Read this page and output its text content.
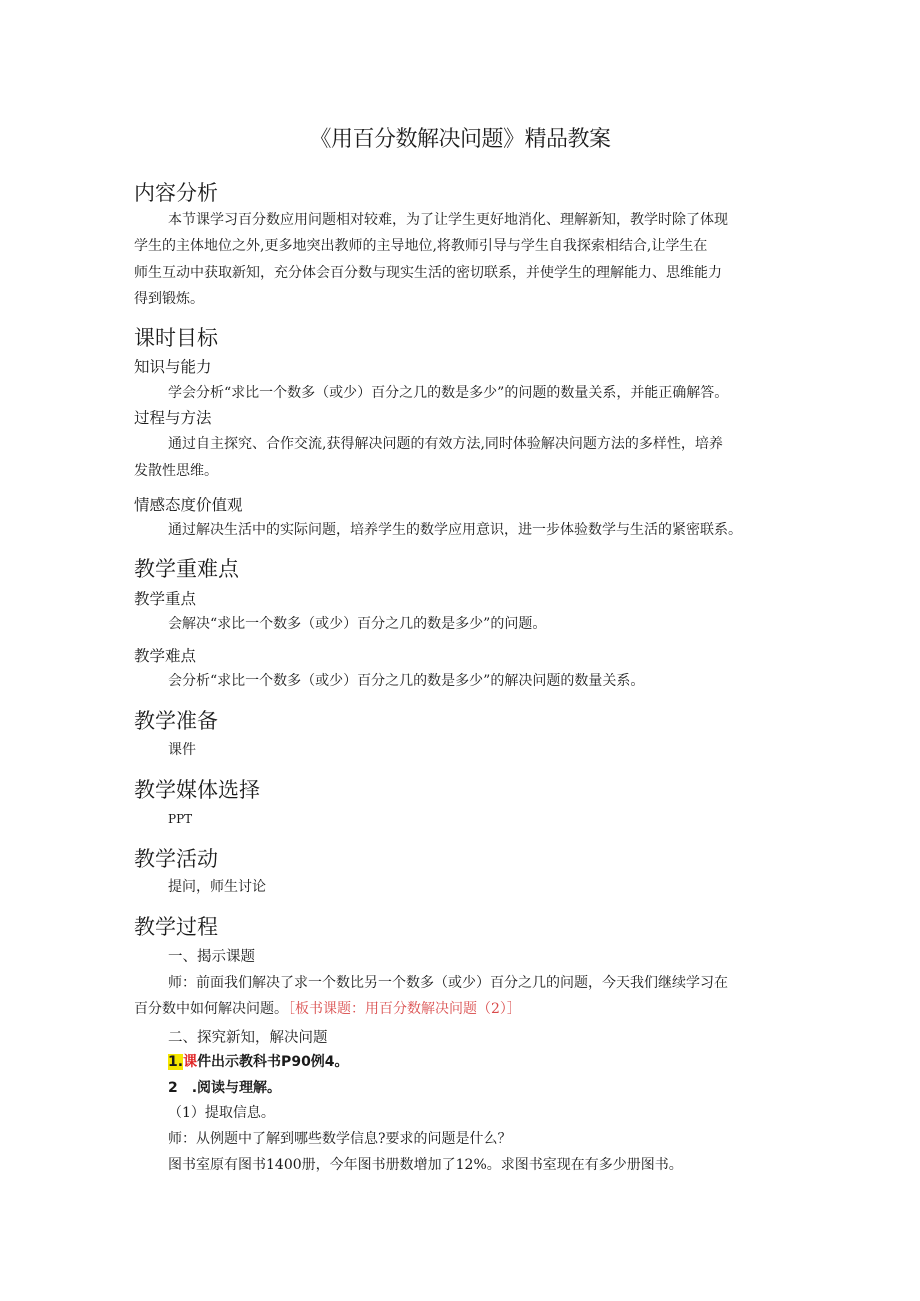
《用百分数解决问题》精品教案
内容分析
本节课学习百分数应用问题相对较难，为了让学生更好地消化、理解新知，教学时除了体现
学生的主体地位之外,更多地突出教师的主导地位,将教师引导与学生自我探索相结合,让学生在
师生互动中获取新知，充分体会百分数与现实生活的密切联系，并使学生的理解能力、思维能力
得到锻炼。
课时目标
知识与能力
学会分析“求比一个数多（或少）百分之几的数是多少”的问题的数量关系，并能正确解答。
过程与方法
通过自主探究、合作交流,获得解决问题的有效方法,同时体验解决问题方法的多样性，培养
发散性思维。
情感态度价值观
通过解决生活中的实际问题，培养学生的数学应用意识，进一步体验数学与生活的紧密联系。
教学重难点
教学重点
会解决“求比一个数多（或少）百分之几的数是多少”的问题。
教学难点
会分析“求比一个数多（或少）百分之几的数是多少”的解决问题的数量关系。
教学准备
课件
教学媒体选择
PPT
教学活动
提问，师生讨论
教学过程
一、揭示课题
师：前面我们解决了求一个数比另一个数多（或少）百分之几的问题，今天我们继续学习在
百分数中如何解决问题。［板书课题：用百分数解决问题（2）］
二、探究新知，解决问题
1.课件出示教科书P90例4。
2　.阅读与理解。
（1）提取信息。
师：从例题中了解到哪些数学信息?要求的问题是什么？
图书室原有图书1400册，今年图书册数增加了12%。求图书室现在有多少册图书。
